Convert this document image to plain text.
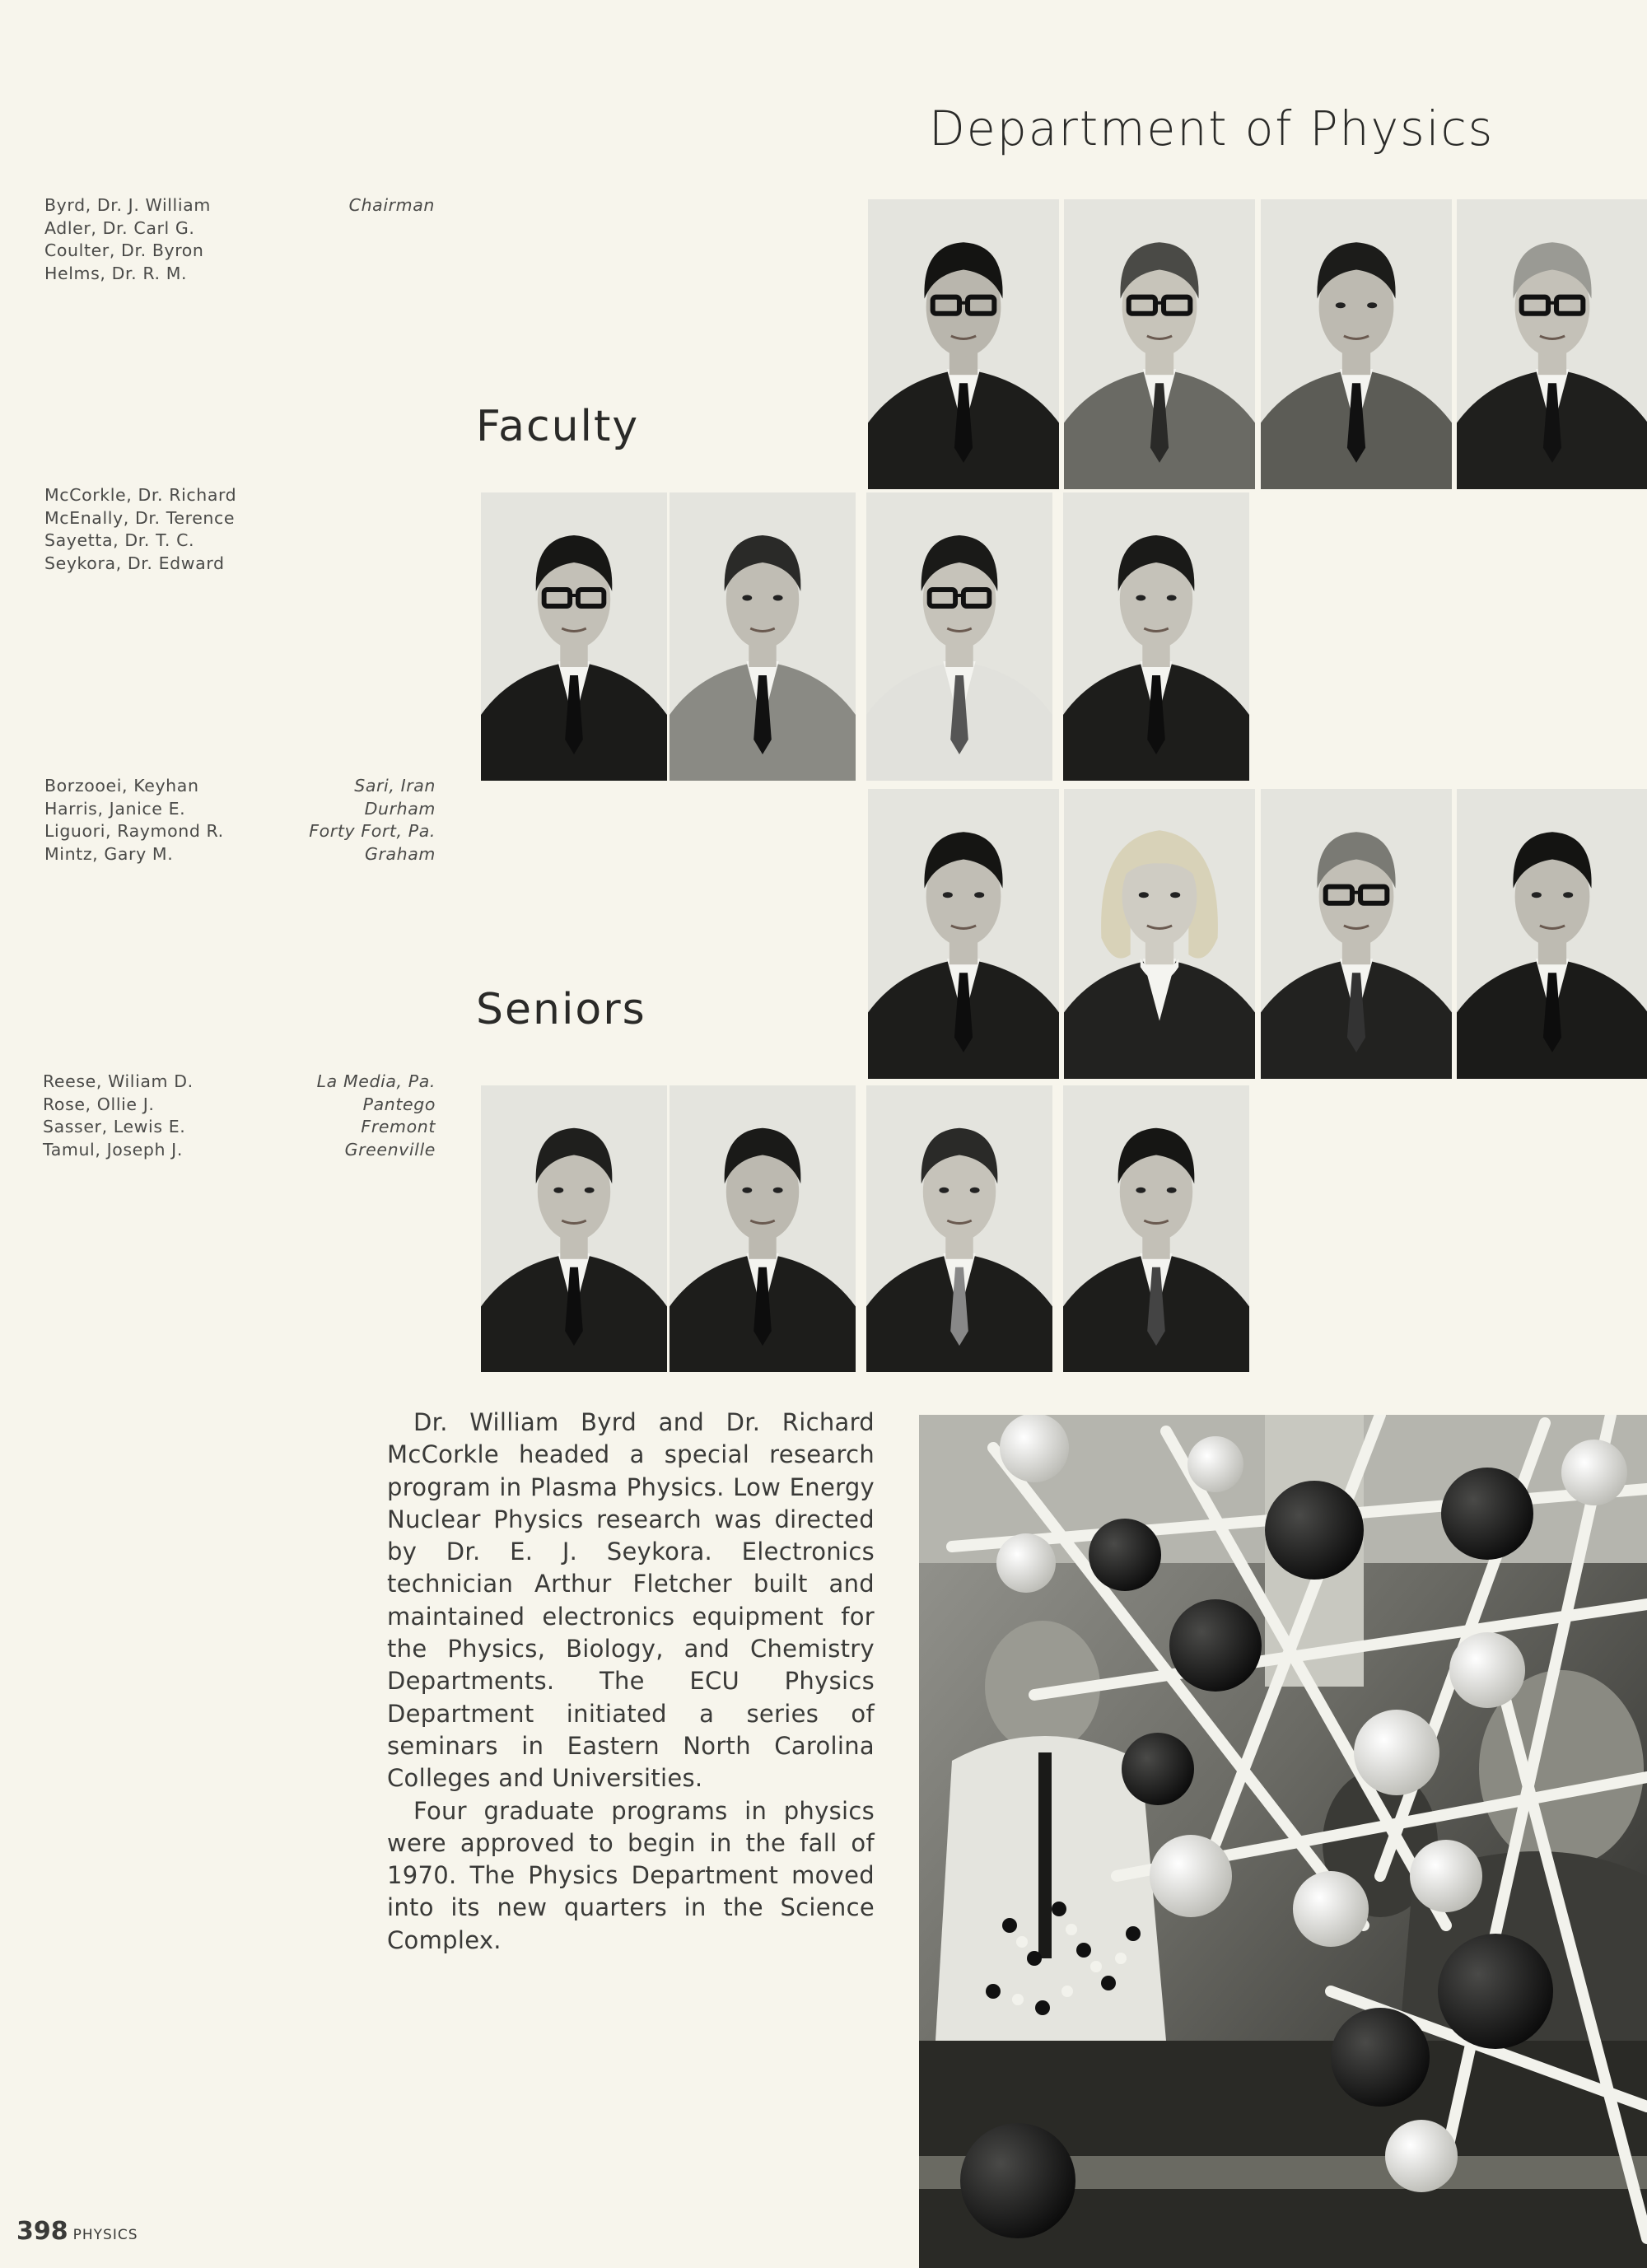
Department of Physics
Faculty
Seniors
Byrd, Dr. J. William
Adler, Dr. Carl G.
Coulter, Dr. Byron
Helms, Dr. R. M.
Chairman
McCorkle, Dr. Richard
McEnally, Dr. Terence
Sayetta, Dr. T. C.
Seykora, Dr. Edward
Borzooei, Keyhan
Harris, Janice E.
Liguori, Raymond R.
Mintz, Gary M.
Sari, Iran
Durham
Forty Fort, Pa.
Graham
Reese, Wiliam D.
Rose, Ollie J.
Sasser, Lewis E.
Tamul, Joseph J.
La Media, Pa.
Pantego
Fremont
Greenville

Dr. William Byrd and Dr. Richard McCorkle headed a special research program in Plasma Physics. Low Energy Nuclear Physics research was directed by Dr. E. J. Seykora. Electronics technician Arthur Fletcher built and maintained electronics equipment for the Physics, Biology, and Chemistry Departments. The ECU Physics Department initiated a series of seminars in Eastern North Carolina Colleges and Universities.

Four graduate programs in physics were approved to begin in the fall of 1970. The Physics Department moved into its new quarters in the Science Complex.

398 PHYSICS
